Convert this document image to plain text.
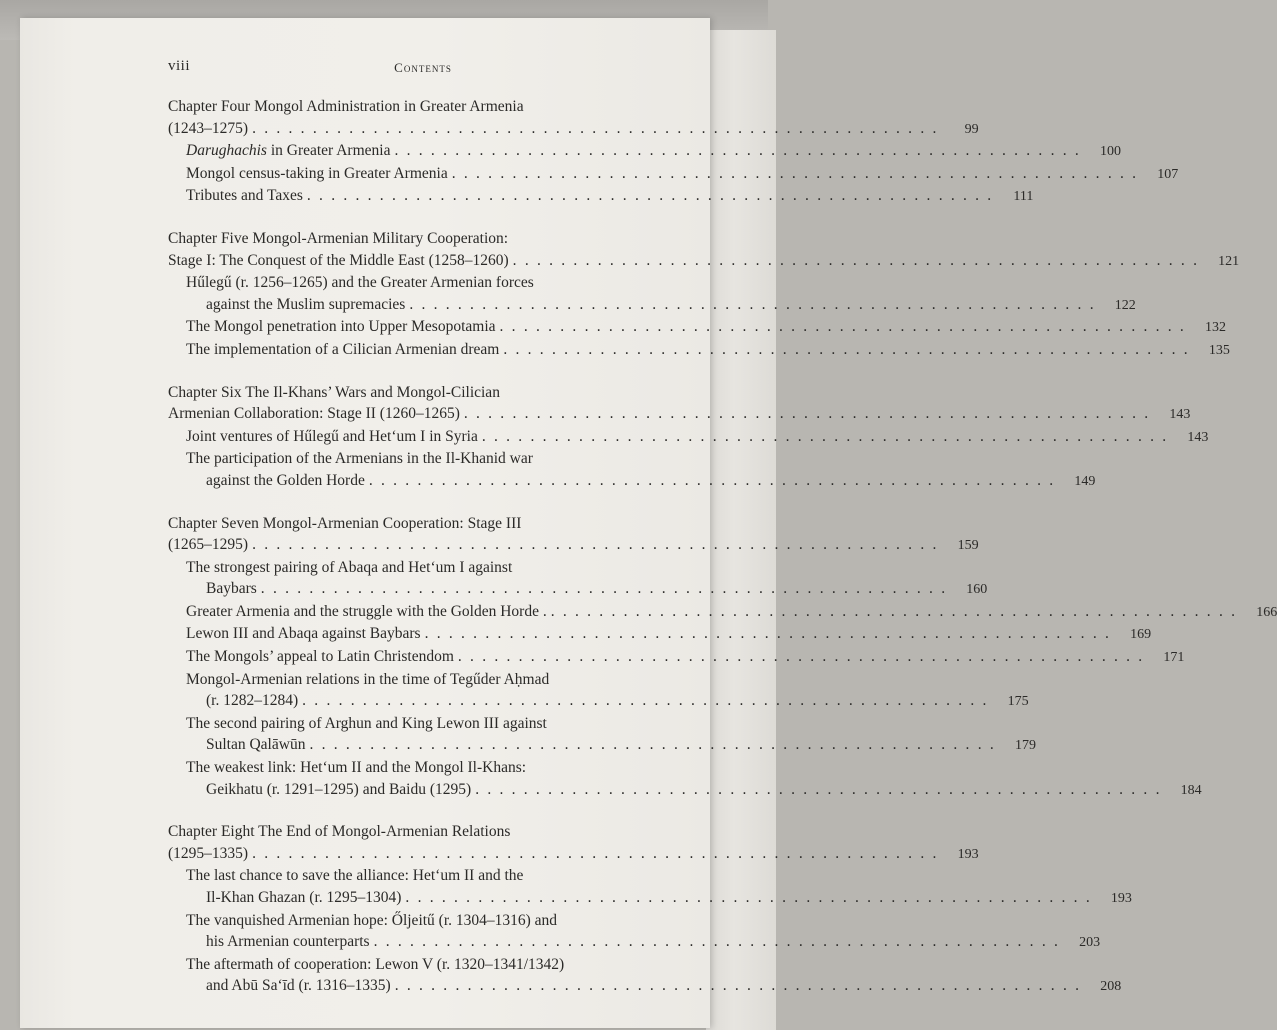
viii	Contents
Chapter Four Mongol Administration in Greater Armenia
(1243–1275) . . . . . . . . . . . . . . . . . . . . . . . . . . . . . . . . . . . . . . . . . . . . . . . . . . . . . . . . .	99
Darughachis in Greater Armenia . . . . . . . . . . . . . . . . . . . . . . . . . . . . . . . . . . . . . . . . . . . . . . . . . . . . . . . . .	100
Mongol census-taking in Greater Armenia . . . . . . . . . . . . . . . . . . . . . . . . . . . . . . . . . . . . . . . . . . . . . . . . . . . . . . . . .	107
Tributes and Taxes . . . . . . . . . . . . . . . . . . . . . . . . . . . . . . . . . . . . . . . . . . . . . . . . . . . . . . . . .	111
Chapter Five Mongol-Armenian Military Cooperation:
Stage I: The Conquest of the Middle East (1258–1260) . . . . . . . . . . . . . . . . . . . . . . . . . . . . . . . . . . . . . . . . . . . . . . . . . . . . . . . . .	121
Hűlegű (r. 1256–1265) and the Greater Armenian forces
against the Muslim supremacies . . . . . . . . . . . . . . . . . . . . . . . . . . . . . . . . . . . . . . . . . . . . . . . . . . . . . . . . .	122
The Mongol penetration into Upper Mesopotamia . . . . . . . . . . . . . . . . . . . . . . . . . . . . . . . . . . . . . . . . . . . . . . . . . . . . . . . . .	132
The implementation of a Cilician Armenian dream . . . . . . . . . . . . . . . . . . . . . . . . . . . . . . . . . . . . . . . . . . . . . . . . . . . . . . . . .	135
Chapter Six The Il-Khans’ Wars and Mongol-Cilician
Armenian Collaboration: Stage II (1260–1265) . . . . . . . . . . . . . . . . . . . . . . . . . . . . . . . . . . . . . . . . . . . . . . . . . . . . . . . . .	143
Joint ventures of Hűlegű and Het‘um I in Syria . . . . . . . . . . . . . . . . . . . . . . . . . . . . . . . . . . . . . . . . . . . . . . . . . . . . . . . . .	143
The participation of the Armenians in the Il-Khanid war
against the Golden Horde . . . . . . . . . . . . . . . . . . . . . . . . . . . . . . . . . . . . . . . . . . . . . . . . . . . . . . . . .	149
Chapter Seven Mongol-Armenian Cooperation: Stage III
(1265–1295) . . . . . . . . . . . . . . . . . . . . . . . . . . . . . . . . . . . . . . . . . . . . . . . . . . . . . . . . .	159
The strongest pairing of Abaqa and Het‘um I against
Baybars . . . . . . . . . . . . . . . . . . . . . . . . . . . . . . . . . . . . . . . . . . . . . . . . . . . . . . . . .	160
Greater Armenia and the struggle with the Golden Horde . . . . . . . . . . . . . . . . . . . . . . . . . . . . . . . . . . . . . . . . . . . . . . . . . . . . . . . . . .	166
Lewon III and Abaqa against Baybars . . . . . . . . . . . . . . . . . . . . . . . . . . . . . . . . . . . . . . . . . . . . . . . . . . . . . . . . .	169
The Mongols’ appeal to Latin Christendom . . . . . . . . . . . . . . . . . . . . . . . . . . . . . . . . . . . . . . . . . . . . . . . . . . . . . . . . .	171
Mongol-Armenian relations in the time of Tegűder Aḥmad
(r. 1282–1284) . . . . . . . . . . . . . . . . . . . . . . . . . . . . . . . . . . . . . . . . . . . . . . . . . . . . . . . . .	175
The second pairing of Arghun and King Lewon III against
Sultan Qalāwūn . . . . . . . . . . . . . . . . . . . . . . . . . . . . . . . . . . . . . . . . . . . . . . . . . . . . . . . . .	179
The weakest link: Het‘um II and the Mongol Il-Khans:
Geikhatu (r. 1291–1295) and Baidu (1295) . . . . . . . . . . . . . . . . . . . . . . . . . . . . . . . . . . . . . . . . . . . . . . . . . . . . . . . . .	184
Chapter Eight The End of Mongol-Armenian Relations
(1295–1335) . . . . . . . . . . . . . . . . . . . . . . . . . . . . . . . . . . . . . . . . . . . . . . . . . . . . . . . . .	193
The last chance to save the alliance: Het‘um II and the
Il-Khan Ghazan (r. 1295–1304) . . . . . . . . . . . . . . . . . . . . . . . . . . . . . . . . . . . . . . . . . . . . . . . . . . . . . . . . .	193
The vanquished Armenian hope: Őljeitű (r. 1304–1316) and
his Armenian counterparts . . . . . . . . . . . . . . . . . . . . . . . . . . . . . . . . . . . . . . . . . . . . . . . . . . . . . . . . .	203
The aftermath of cooperation: Lewon V (r. 1320–1341/1342)
and Abū Sa‘īd (r. 1316–1335) . . . . . . . . . . . . . . . . . . . . . . . . . . . . . . . . . . . . . . . . . . . . . . . . . . . . . . . . .	208
